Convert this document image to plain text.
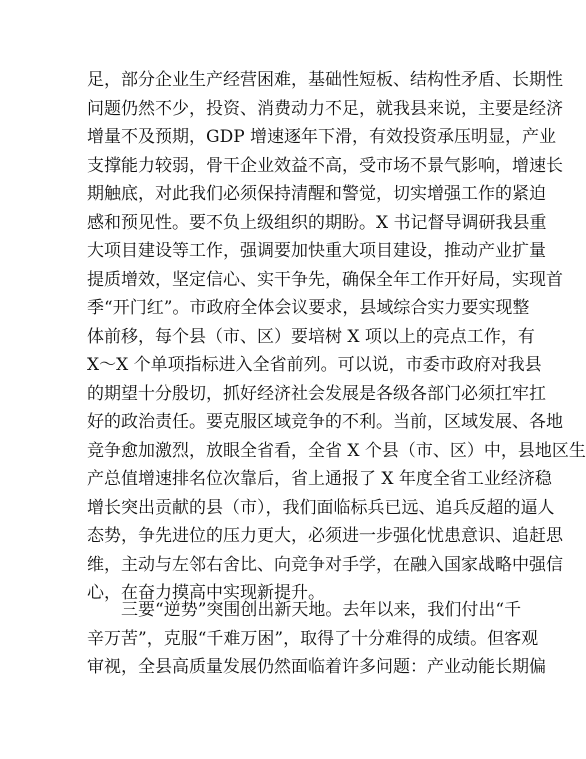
足，部分企业生产经营困难，基础性短板、结构性矛盾、长期性
问题仍然不少，投资、消费动力不足，就我县来说，主要是经济
增量不及预期，GDP 增速逐年下滑，有效投资承压明显，产业
支撑能力较弱，骨干企业效益不高，受市场不景气影响，增速长
期触底，对此我们必须保持清醒和警觉，切实增强工作的紧迫
感和预见性。要不负上级组织的期盼。X 书记督导调研我县重
大项目建设等工作，强调要加快重大项目建设，推动产业扩量
提质增效，坚定信心、实干争先，确保全年工作开好局，实现首
季“开门红”。市政府全体会议要求，县域综合实力要实现整
体前移，每个县（市、区）要培树 X 项以上的亮点工作，有
X～X 个单项指标进入全省前列。可以说，市委市政府对我县
的期望十分殷切，抓好经济社会发展是各级各部门必须扛牢扛
好的政治责任。要克服区域竞争的不利。当前，区域发展、各地
竞争愈加激烈，放眼全省看，全省 X 个县（市、区）中，县地区生
产总值增速排名位次靠后，省上通报了 X 年度全省工业经济稳
增长突出贡献的县（市），我们面临标兵已远、追兵反超的逼人
态势，争先进位的压力更大，必须进一步强化忧患意识、追赶思
维，主动与左邻右舍比、向竞争对手学，在融入国家战略中强信
心，在奋力摸高中实现新提升。
　　三要“逆势”突围创出新天地。去年以来，我们付出“千
辛万苦”，克服“千难万困”，取得了十分难得的成绩。但客观
审视，全县高质量发展仍然面临着许多问题：产业动能长期偏
